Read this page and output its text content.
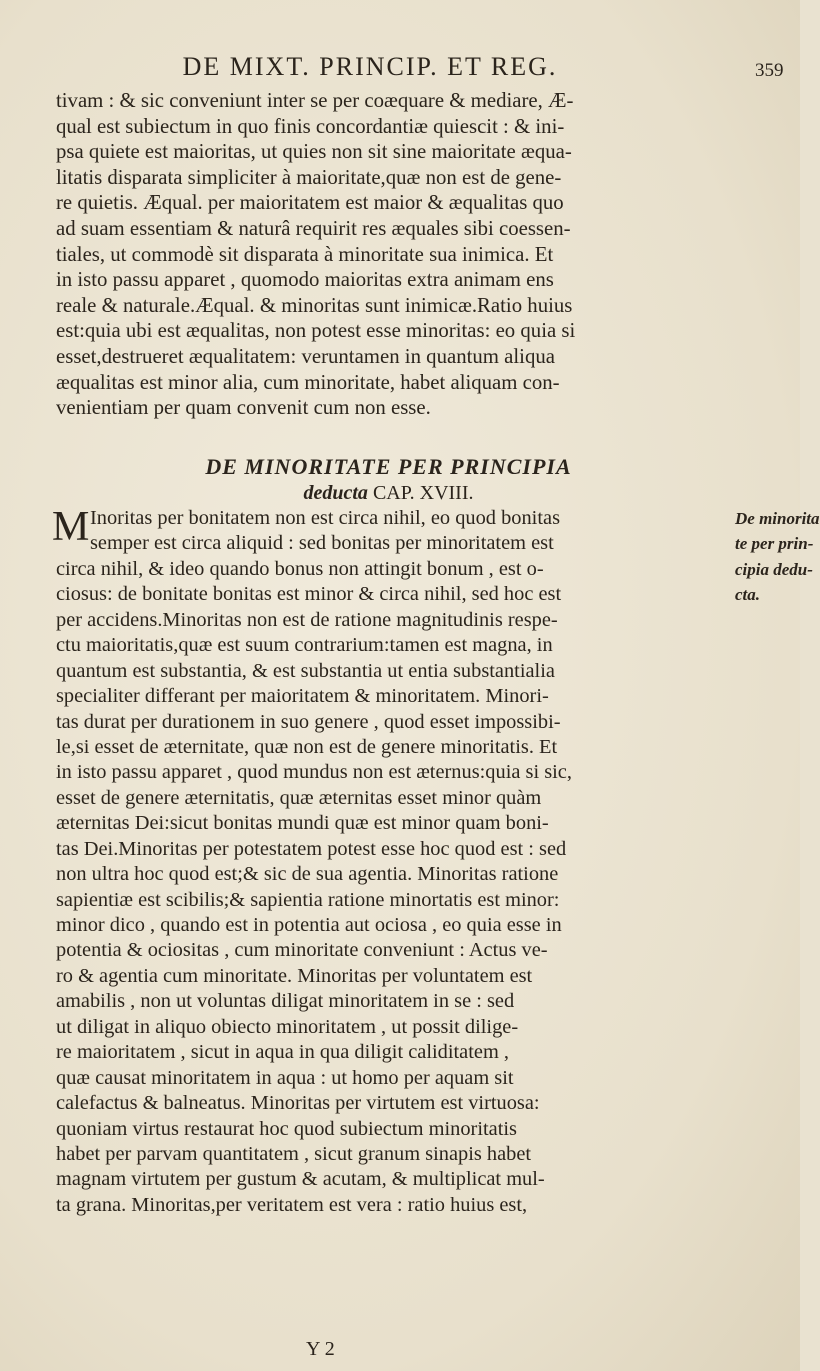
DE MIXT. PRINCIP. ET REG.	359
tivam : & sic conveniunt inter se per coæquare & mediare, Æ-
qual est subiectum in quo finis concordantiæ quiescit : & ini-
psa quiete est maioritas, ut quies non sit sine maioritate æqua-
litatis disparata simpliciter à maioritate,quæ non est de gene-
re quietis. Æqual. per maioritatem est maior & æqualitas quo
ad suam essentiam & naturâ requirit res æquales sibi coessen-
tiales, ut commodè sit disparata à minoritate sua inimica. Et
in isto passu apparet , quomodo maioritas extra animam ens
reale & naturale.Æqual. & minoritas sunt inimicæ.Ratio huius
est:quia ubi est æqualitas, non potest esse minoritas: eo quia si
esset,destrueret æqualitatem: veruntamen in quantum aliqua
æqualitas est minor alia, cum minoritate, habet aliquam con-
venientiam per quam convenit cum non esse.
DE MINORITATE PER PRINCIPIA
deducta CAP. XVIII.
M Inoritas per bonitatem non est circa nihil, eo quod bonitas
semper est circa aliquid : sed bonitas per minoritatem est
circa nihil, & ideo quando bonus non attingit bonum , est o-
ciosus: de bonitate bonitas est minor & circa nihil, sed hoc est
per accidens.Minoritas non est de ratione magnitudinis respe-
ctu maioritatis,quæ est suum contrarium:tamen est magna, in
quantum est substantia, & est substantia ut entia substantialia
specialiter differant per maioritatem & minoritatem. Minori-
tas durat per durationem in suo genere , quod esset impossibi-
le,si esset de æternitate, quæ non est de genere minoritatis. Et
in isto passu apparet , quod mundus non est æternus:quia si sic,
esset de genere æternitatis, quæ æternitas esset minor quàm
æternitas Dei:sicut bonitas mundi quæ est minor quam boni-
tas Dei.Minoritas per potestatem potest esse hoc quod est : sed
non ultra hoc quod est;& sic de sua agentia. Minoritas ratione
sapientiæ est scibilis;& sapientia ratione minortatis est minor:
minor dico , quando est in potentia aut ociosa , eo quia esse in
potentia & ociositas , cum minoritate conveniunt : Actus ve-
ro & agentia cum minoritate. Minoritas per voluntatem est
amabilis , non ut voluntas diligat minoritatem in se : sed
ut diligat in aliquo obiecto minoritatem , ut possit dilige-
re maioritatem , sicut in aqua in qua diligit caliditatem ,
quæ causat minoritatem in aqua : ut homo per aquam sit
calefactus & balneatus. Minoritas per virtutem est virtuosa:
quoniam virtus restaurat hoc quod subiectum minoritatis
habet per parvam quantitatem , sicut granum sinapis habet
magnam virtutem per gustum & acutam, & multiplicat mul-
ta grana. Minoritas,per veritatem est vera : ratio huius est,
De minorita
te per prin-
cipia dedu-
cta.
Y 2
